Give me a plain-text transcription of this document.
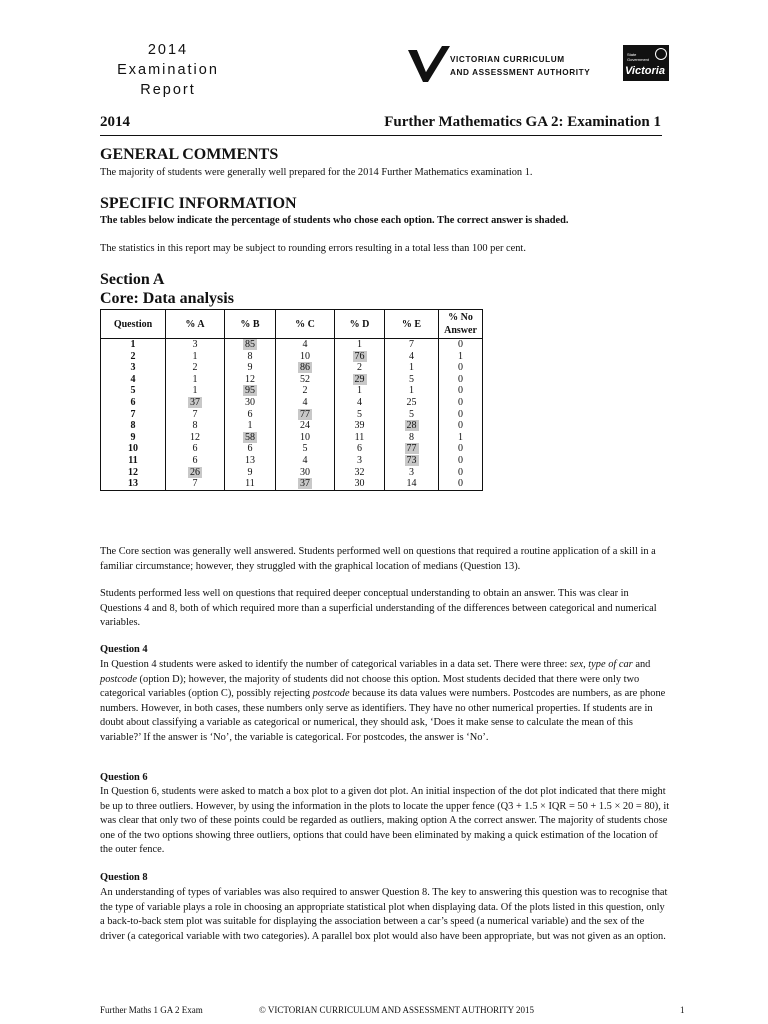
2014
Examination
Report
VICTORIAN CURRICULUM
AND ASSESSMENT AUTHORITY
State Government
Victoria
2014	Further Mathematics GA 2: Examination 1
GENERAL COMMENTS
The majority of students were generally well prepared for the 2014 Further Mathematics examination 1.
SPECIFIC INFORMATION
The tables below indicate the percentage of students who chose each option. The correct answer is shaded.
The statistics in this report may be subject to rounding errors resulting in a total less than 100 per cent.
Section A
Core: Data analysis
Question	% A	% B	% C	% D	% E	% No Answer
1	3	85	4	1	7	0
2	1	8	10	76	4	1
3	2	9	86	2	1	0
4	1	12	52	29	5	0
5	1	95	2	1	1	0
6	37	30	4	4	25	0
7	7	6	77	5	5	0
8	8	1	24	39	28	0
9	12	58	10	11	8	1
10	6	6	5	6	77	0
11	6	13	4	3	73	0
12	26	9	30	32	3	0
13	7	11	37	30	14	0
The Core section was generally well answered. Students performed well on questions that required a routine application of a skill in a familiar circumstance; however, they struggled with the graphical location of medians (Question 13).
Students performed less well on questions that required deeper conceptual understanding to obtain an answer. This was clear in Questions 4 and 8, both of which required more than a superficial understanding of the differences between categorical and numerical variables.
Question 4
In Question 4 students were asked to identify the number of categorical variables in a data set. There were three: sex, type of car and postcode (option D); however, the majority of students did not choose this option. Most students decided that there were only two categorical variables (option C), possibly rejecting postcode because its data values were numbers. Postcodes are numbers, as are phone numbers. However, in both cases, these numbers only serve as identifiers. They have no other numerical properties. If students are in doubt about classifying a variable as categorical or numerical, they should ask, ‘Does it make sense to calculate the mean of this variable?’ If the answer is ‘No’, the variable is categorical. For postcodes, the answer is ‘No’.
Question 6
In Question 6, students were asked to match a box plot to a given dot plot. An initial inspection of the dot plot indicated that there might be up to three outliers. However, by using the information in the plots to locate the upper fence (Q3 + 1.5 × IQR = 50 + 1.5 × 20 = 80), it was clear that only two of these points could be regarded as outliers, making option A the correct answer. The majority of students chose one of the two options showing three outliers, options that could have been eliminated by making a quick estimation of the location of the outer fence.
Question 8
An understanding of types of variables was also required to answer Question 8. The key to answering this question was to recognise that the type of variable plays a role in choosing an appropriate statistical plot when displaying data. Of the plots listed in this question, only a back-to-back stem plot was suitable for displaying the association between a car’s speed (a numerical variable) and the sex of the driver (a categorical variable with two categories). A parallel box plot would also have been appropriate, but was not given as an option.
Further Maths 1 GA 2 Exam	© VICTORIAN CURRICULUM AND ASSESSMENT AUTHORITY 2015	1
